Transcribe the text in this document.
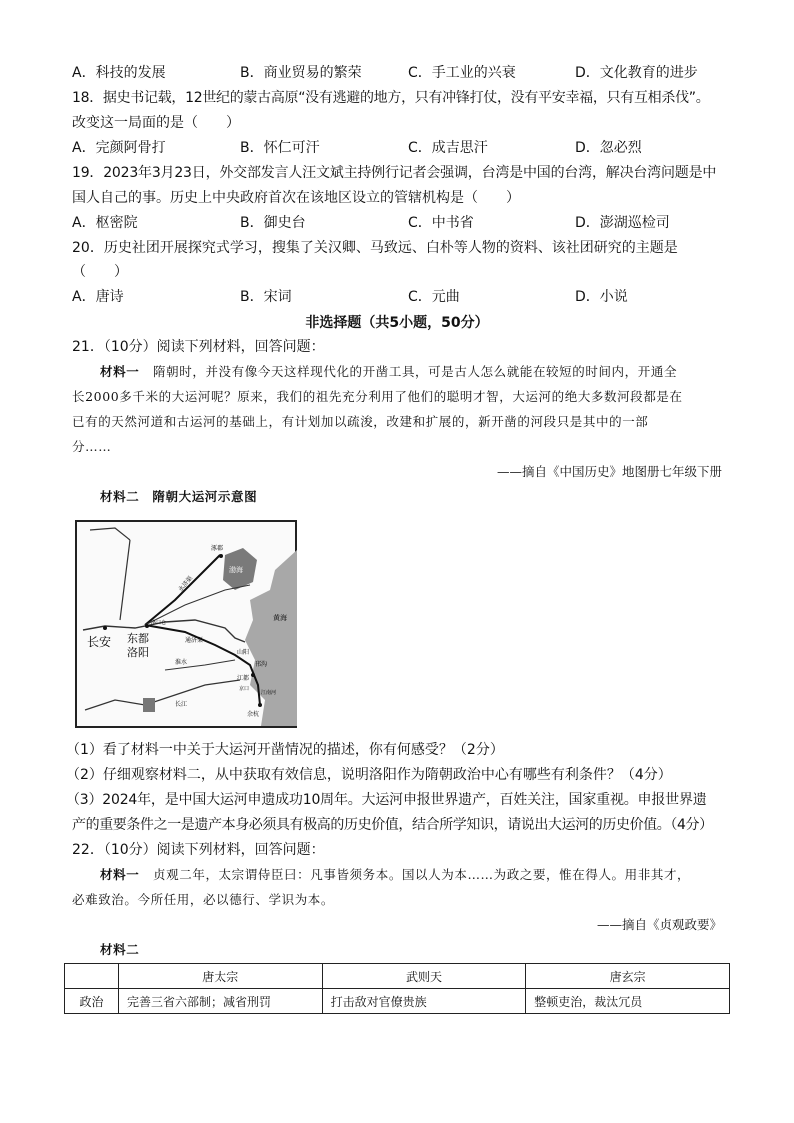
A．科技的发展	B．商业贸易的繁荣	C．手工业的兴衰	D．文化教育的进步
18．据史书记载，12世纪的蒙古高原“没有逃避的地方，只有冲锋打仗，没有平安幸福，只有互相杀伐”。
改变这一局面的是（　　）
A．完颜阿骨打	B．怀仁可汗	C．成吉思汗	D．忽必烈
19．2023年3月23日，外交部发言人汪文斌主持例行记者会强调，台湾是中国的台湾，解决台湾问题是中
国人自己的事。历史上中央政府首次在该地区设立的管辖机构是（　　）
A．枢密院	B．御史台	C．中书省	D．澎湖巡检司
20．历史社团开展探究式学习，搜集了关汉卿、马致远、白朴等人物的资料、该社团研究的主题是
（　　）
A．唐诗	B．宋词	C．元曲	D．小说
非选择题（共5小题，50分）
21．（10分）阅读下列材料，回答问题：
材料一 隋朝时，并没有像今天这样现代化的开凿工具，可是古人怎么就能在较短的时间内，开通全
长2000多千米的大运河呢？原来，我们的祖先充分利用了他们的聪明才智，大运河的绝大多数河段都是在
已有的天然河道和古运河的基础上，有计划加以疏浚，改建和扩展的，新开凿的河段只是其中的一部
分……
——摘自《中国历史》地图册七年级下册
材料二　隋朝大运河示意图
长安 东都
洛阳
涿郡
渤海
黄海
永济渠
通济渠
洛口仓
山阳
邗沟
江都
京口
江南河
余杭
淮水
长江
（1）看了材料一中关于大运河开凿情况的描述，你有何感受？（2分）
（2）仔细观察材料二，从中获取有效信息，说明洛阳作为隋朝政治中心有哪些有利条件？（4分）
（3）2024年，是中国大运河申遗成功10周年。大运河申报世界遗产，百姓关注，国家重视。申报世界遗
产的重要条件之一是遗产本身必须具有极高的历史价值，结合所学知识，请说出大运河的历史价值。（4分）
22．（10分）阅读下列材料，回答问题：
材料一 贞观二年，太宗谓侍臣曰：凡事皆须务本。国以人为本……为政之要，惟在得人。用非其才，
必难致治。今所任用，必以德行、学识为本。
——摘自《贞观政要》
材料二
	唐太宗	武则天	唐玄宗
政治	完善三省六部制；减省刑罚	打击敌对官僚贵族	整顿吏治，裁汰冗员
